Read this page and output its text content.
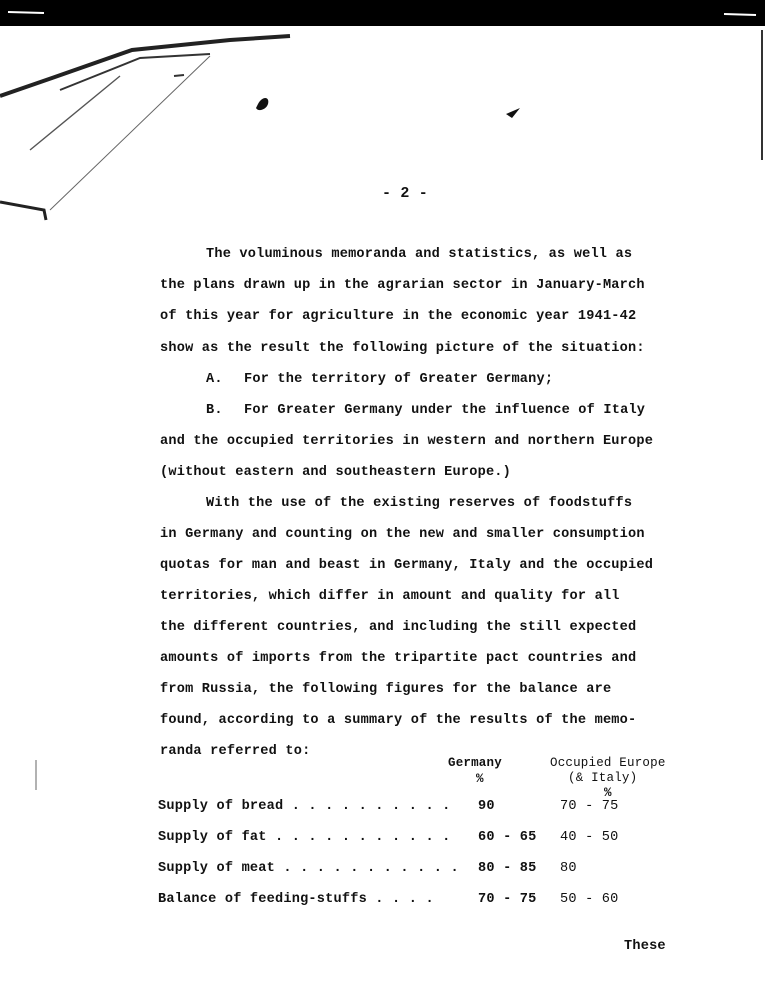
- 2 -

The voluminous memoranda and statistics, as well as

the plans drawn up in the agrarian sector in January-March

of this year for agriculture in the economic year 1941-42

show as the result the following picture of the situation:

A. For the territory of Greater Germany;

B. For Greater Germany under the influence of Italy

and the occupied territories in western and northern Europe

(without eastern and southeastern Europe.)

With the use of the existing reserves of foodstuffs

in Germany and counting on the new and smaller consumption

quotas for man and beast in Germany, Italy and the occupied

territories, which differ in amount and quality for all

the different countries, and including the still expected

amounts of imports from the tripartite pact countries and

from Russia, the following figures for the balance are

found, according to a summary of the results of the memo-

randa referred to:

Germany

%

Occupied Europe

(& Italy)

%

Supply of bread . . . . . . . . . . 90	70 - 75

Supply of fat . . . . . . . . . . . 60 - 65 40 - 50

Supply of meat . . . . . . . . . . . 80 - 85 80

Balance of feeding-stuffs . . . .	70 - 75 50 - 60

These
